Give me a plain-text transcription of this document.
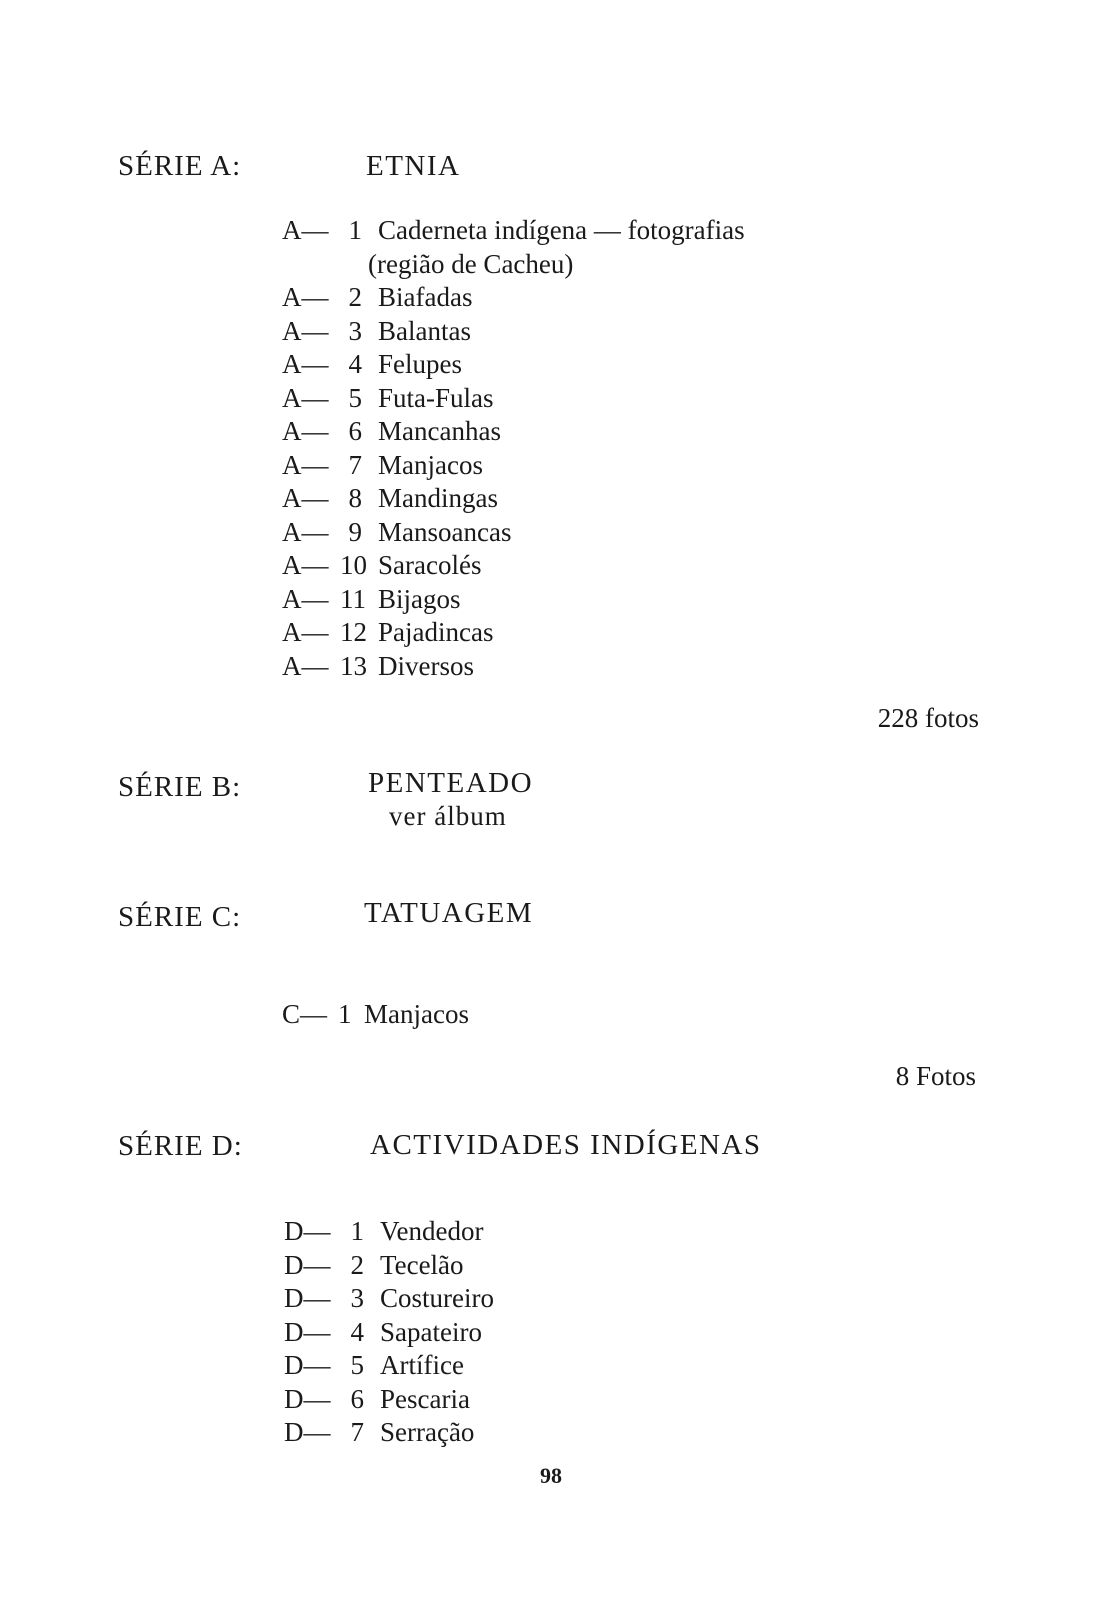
SÉRIE A:	ETNIA
A— 1 Caderneta indígena — fotografias
(região de Cacheu)
A— 2 Biafadas
A— 3 Balantas
A— 4 Felupes
A— 5 Futa-Fulas
A— 6 Mancanhas
A— 7 Manjacos
A— 8 Mandingas
A— 9 Mansoancas
A— 10 Saracolés
A— 11 Bijagos
A— 12 Pajadincas
A— 13 Diversos
228 fotos
SÉRIE B:	PENTEADO
ver álbum
SÉRIE C:	TATUAGEM
C— 1 Manjacos
8 Fotos
SÉRIE D:	ACTIVIDADES INDÍGENAS
D— 1 Vendedor
D— 2 Tecelão
D— 3 Costureiro
D— 4 Sapateiro
D— 5 Artífice
D— 6 Pescaria
D— 7 Serração
98
